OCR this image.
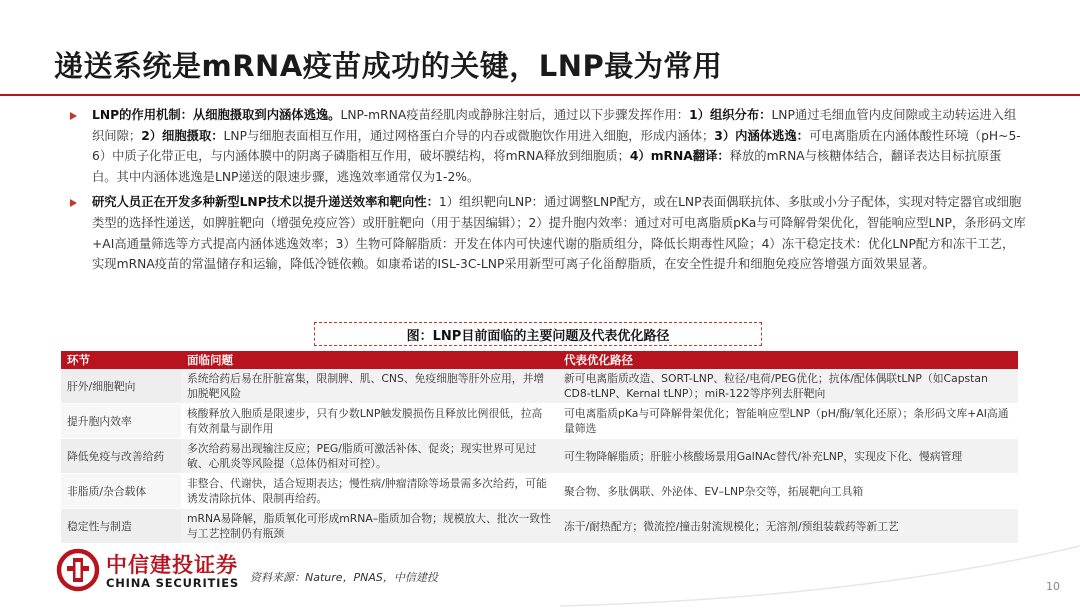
递送系统是mRNA疫苗成功的关键，LNP最为常用
LNP的作用机制：从细胞摄取到内涵体逃逸。LNP-mRNA疫苗经肌肉或静脉注射后，通过以下步骤发挥作用：1）组织分布：LNP通过毛细血管内皮间隙或主动转运进入组织间隙；2）细胞摄取：LNP与细胞表面相互作用，通过网格蛋白介导的内吞或微胞饮作用进入细胞，形成内涵体；3）内涵体逃逸：可电离脂质在内涵体酸性环境（pH~5-6）中质子化带正电，与内涵体膜中的阴离子磷脂相互作用，破坏膜结构，将mRNA释放到细胞质；4）mRNA翻译：释放的mRNA与核糖体结合，翻译表达目标抗原蛋白。其中内涵体逃逸是LNP递送的限速步骤，逃逸效率通常仅为1-2%。
研究人员正在开发多种新型LNP技术以提升递送效率和靶向性：1）组织靶向LNP：通过调整LNP配方，或在LNP表面偶联抗体、多肽或小分子配体，实现对特定器官或细胞类型的选择性递送，如脾脏靶向（增强免疫应答）或肝脏靶向（用于基因编辑）；2）提升胞内效率：通过对可电离脂质pKa与可降解骨架优化，智能响应型LNP，条形码文库+AI高通量筛选等方式提高内涵体逃逸效率；3）生物可降解脂质：开发在体内可快速代谢的脂质组分，降低长期毒性风险；4）冻干稳定技术：优化LNP配方和冻干工艺，实现mRNA疫苗的常温储存和运输，降低冷链依赖。如康希诺的ISL-3C-LNP采用新型可离子化甾醇脂质，在安全性提升和细胞免疫应答增强方面效果显著。
图：LNP目前面临的主要问题及代表优化路径
环节	面临问题	代表优化路径
肝外/细胞靶向	系统给药后易在肝脏富集，限制脾、肌、CNS、免疫细胞等肝外应用，并增加脱靶风险	新可电离脂质改造、SORT-LNP、粒径/电荷/PEG优化；抗体/配体偶联tLNP（如Capstan CD8-tLNP、Kernal tLNP）；miR-122等序列去肝靶向
提升胞内效率	核酸释放入胞质是限速步，只有少数LNP触发膜损伤且释放比例很低，拉高有效剂量与副作用	可电离脂质pKa与可降解骨架优化；智能响应型LNP（pH/酶/氧化还原）；条形码文库+AI高通量筛选
降低免疫与改善给药	多次给药易出现输注反应；PEG/脂质可激活补体、促炎；现实世界可见过敏、心肌炎等风险提（总体仍相对可控）。	可生物降解脂质；肝脏小核酸场景用GalNAc替代/补充LNP，实现皮下化、慢病管理
非脂质/杂合载体	非整合、代谢快，适合短期表达；慢性病/肿瘤清除等场景需多次给药，可能诱发清除抗体、限制再给药。	聚合物、多肽偶联、外泌体、EV–LNP杂交等，拓展靶向工具箱
稳定性与制造	mRNA易降解，脂质氧化可形成mRNA–脂质加合物；规模放大、批次一致性与工艺控制仍有瓶颈	冻干/耐热配方；微流控/撞击射流规模化；无溶剂/预组装载药等新工艺
中信建投证券
CHINA SECURITIES 资料来源：Nature，PNAS，中信建投
10
